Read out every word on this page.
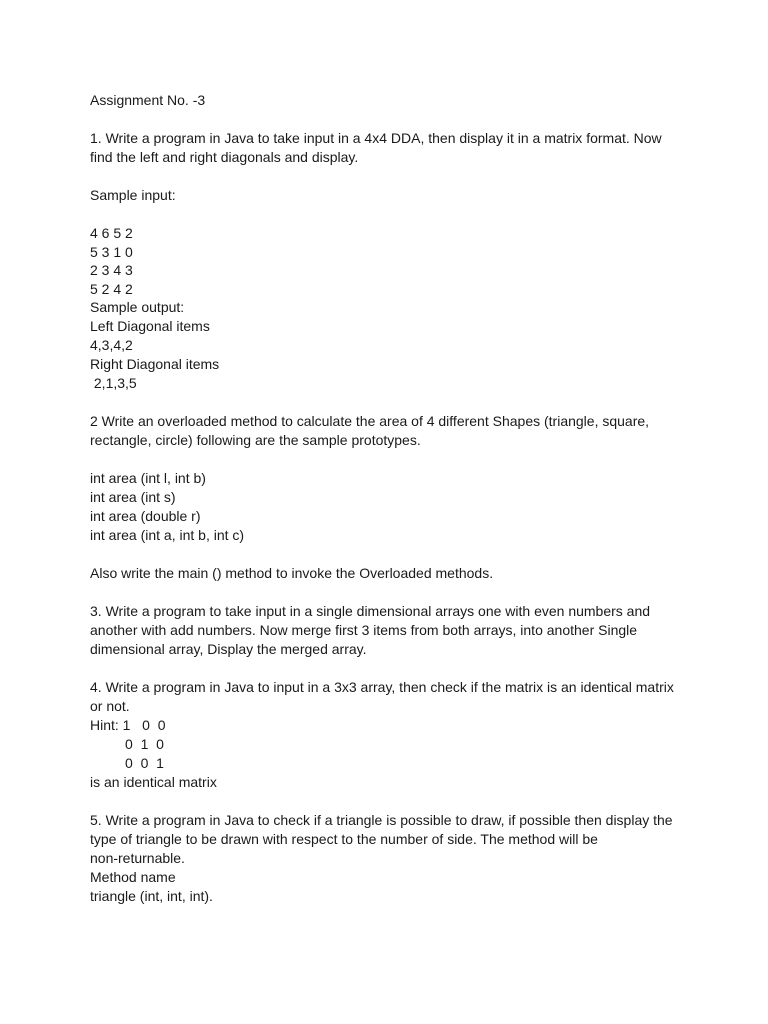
Assignment No. -3
1. Write a program in Java to take input in a 4x4 DDA, then display it in a matrix format. Now
find the left and right diagonals and display.
Sample input:
4 6 5 2
5 3 1 0
2 3 4 3
5 2 4 2
Sample output:
Left Diagonal items
4,3,4,2
Right Diagonal items
2,1,3,5
2 Write an overloaded method to calculate the area of 4 different Shapes (triangle, square,
rectangle, circle) following are the sample prototypes.
int area (int l, int b)
int area (int s)
int area (double r)
int area (int a, int b, int c)
Also write the main () method to invoke the Overloaded methods.
3. Write a program to take input in a single dimensional arrays one with even numbers and
another with add numbers. Now merge first 3 items from both arrays, into another Single
dimensional array, Display the merged array.
4. Write a program in Java to input in a 3x3 array, then check if the matrix is an identical matrix
or not.
Hint: 1   0  0
0  1  0
0  0  1
is an identical matrix
5. Write a program in Java to check if a triangle is possible to draw, if possible then display the
type of triangle to be drawn with respect to the number of side. The method will be
non-returnable.
Method name
triangle (int, int, int).
